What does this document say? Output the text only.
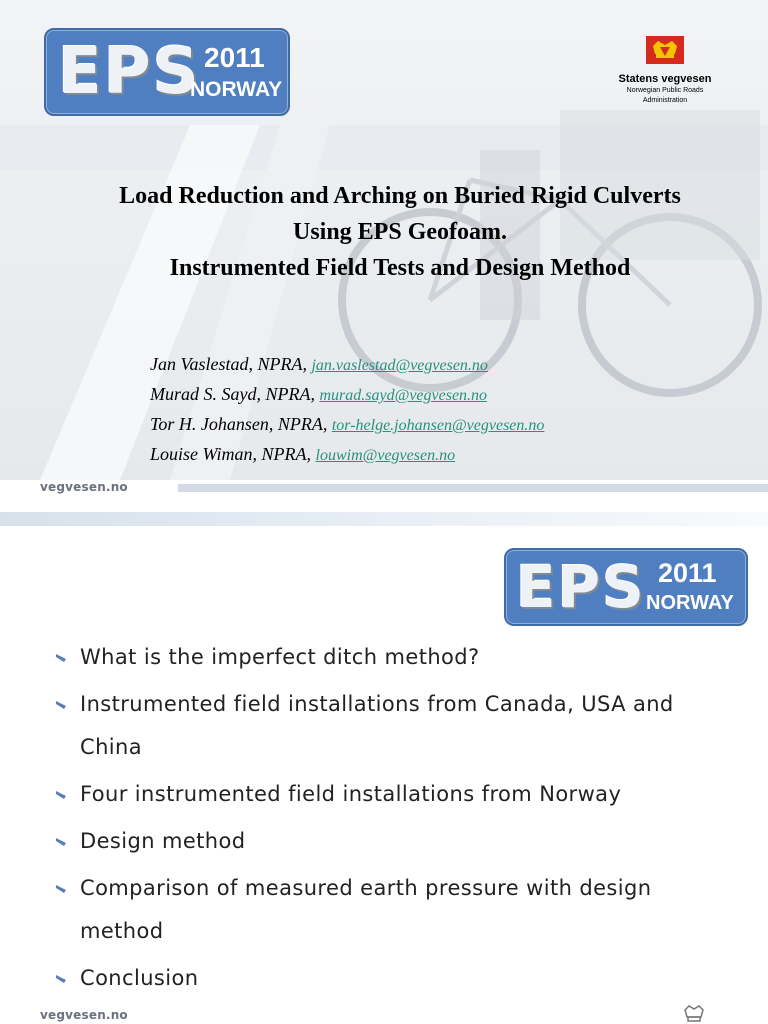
EPS 2011
NORWAY	Statens vegvesen
Norwegian Public Roads
Administration
Load Reduction and Arching on Buried Rigid Culverts
Using EPS Geofoam.
Instrumented Field Tests and Design Method
Jan Vaslestad, NPRA, jan.vaslestad@vegvesen.no
Murad S. Sayd, NPRA, murad.sayd@vegvesen.no
Tor H. Johansen, NPRA, tor-helge.johansen@vegvesen.no
Louise Wiman, NPRA, louwim@vegvesen.no
vegvesen.no
EPS 2011
NORWAY
What is the imperfect ditch method?
Instrumented field installations from Canada, USA and China
Four instrumented field installations from Norway
Design method
Comparison of measured earth pressure with design method
Conclusion
vegvesen.no
